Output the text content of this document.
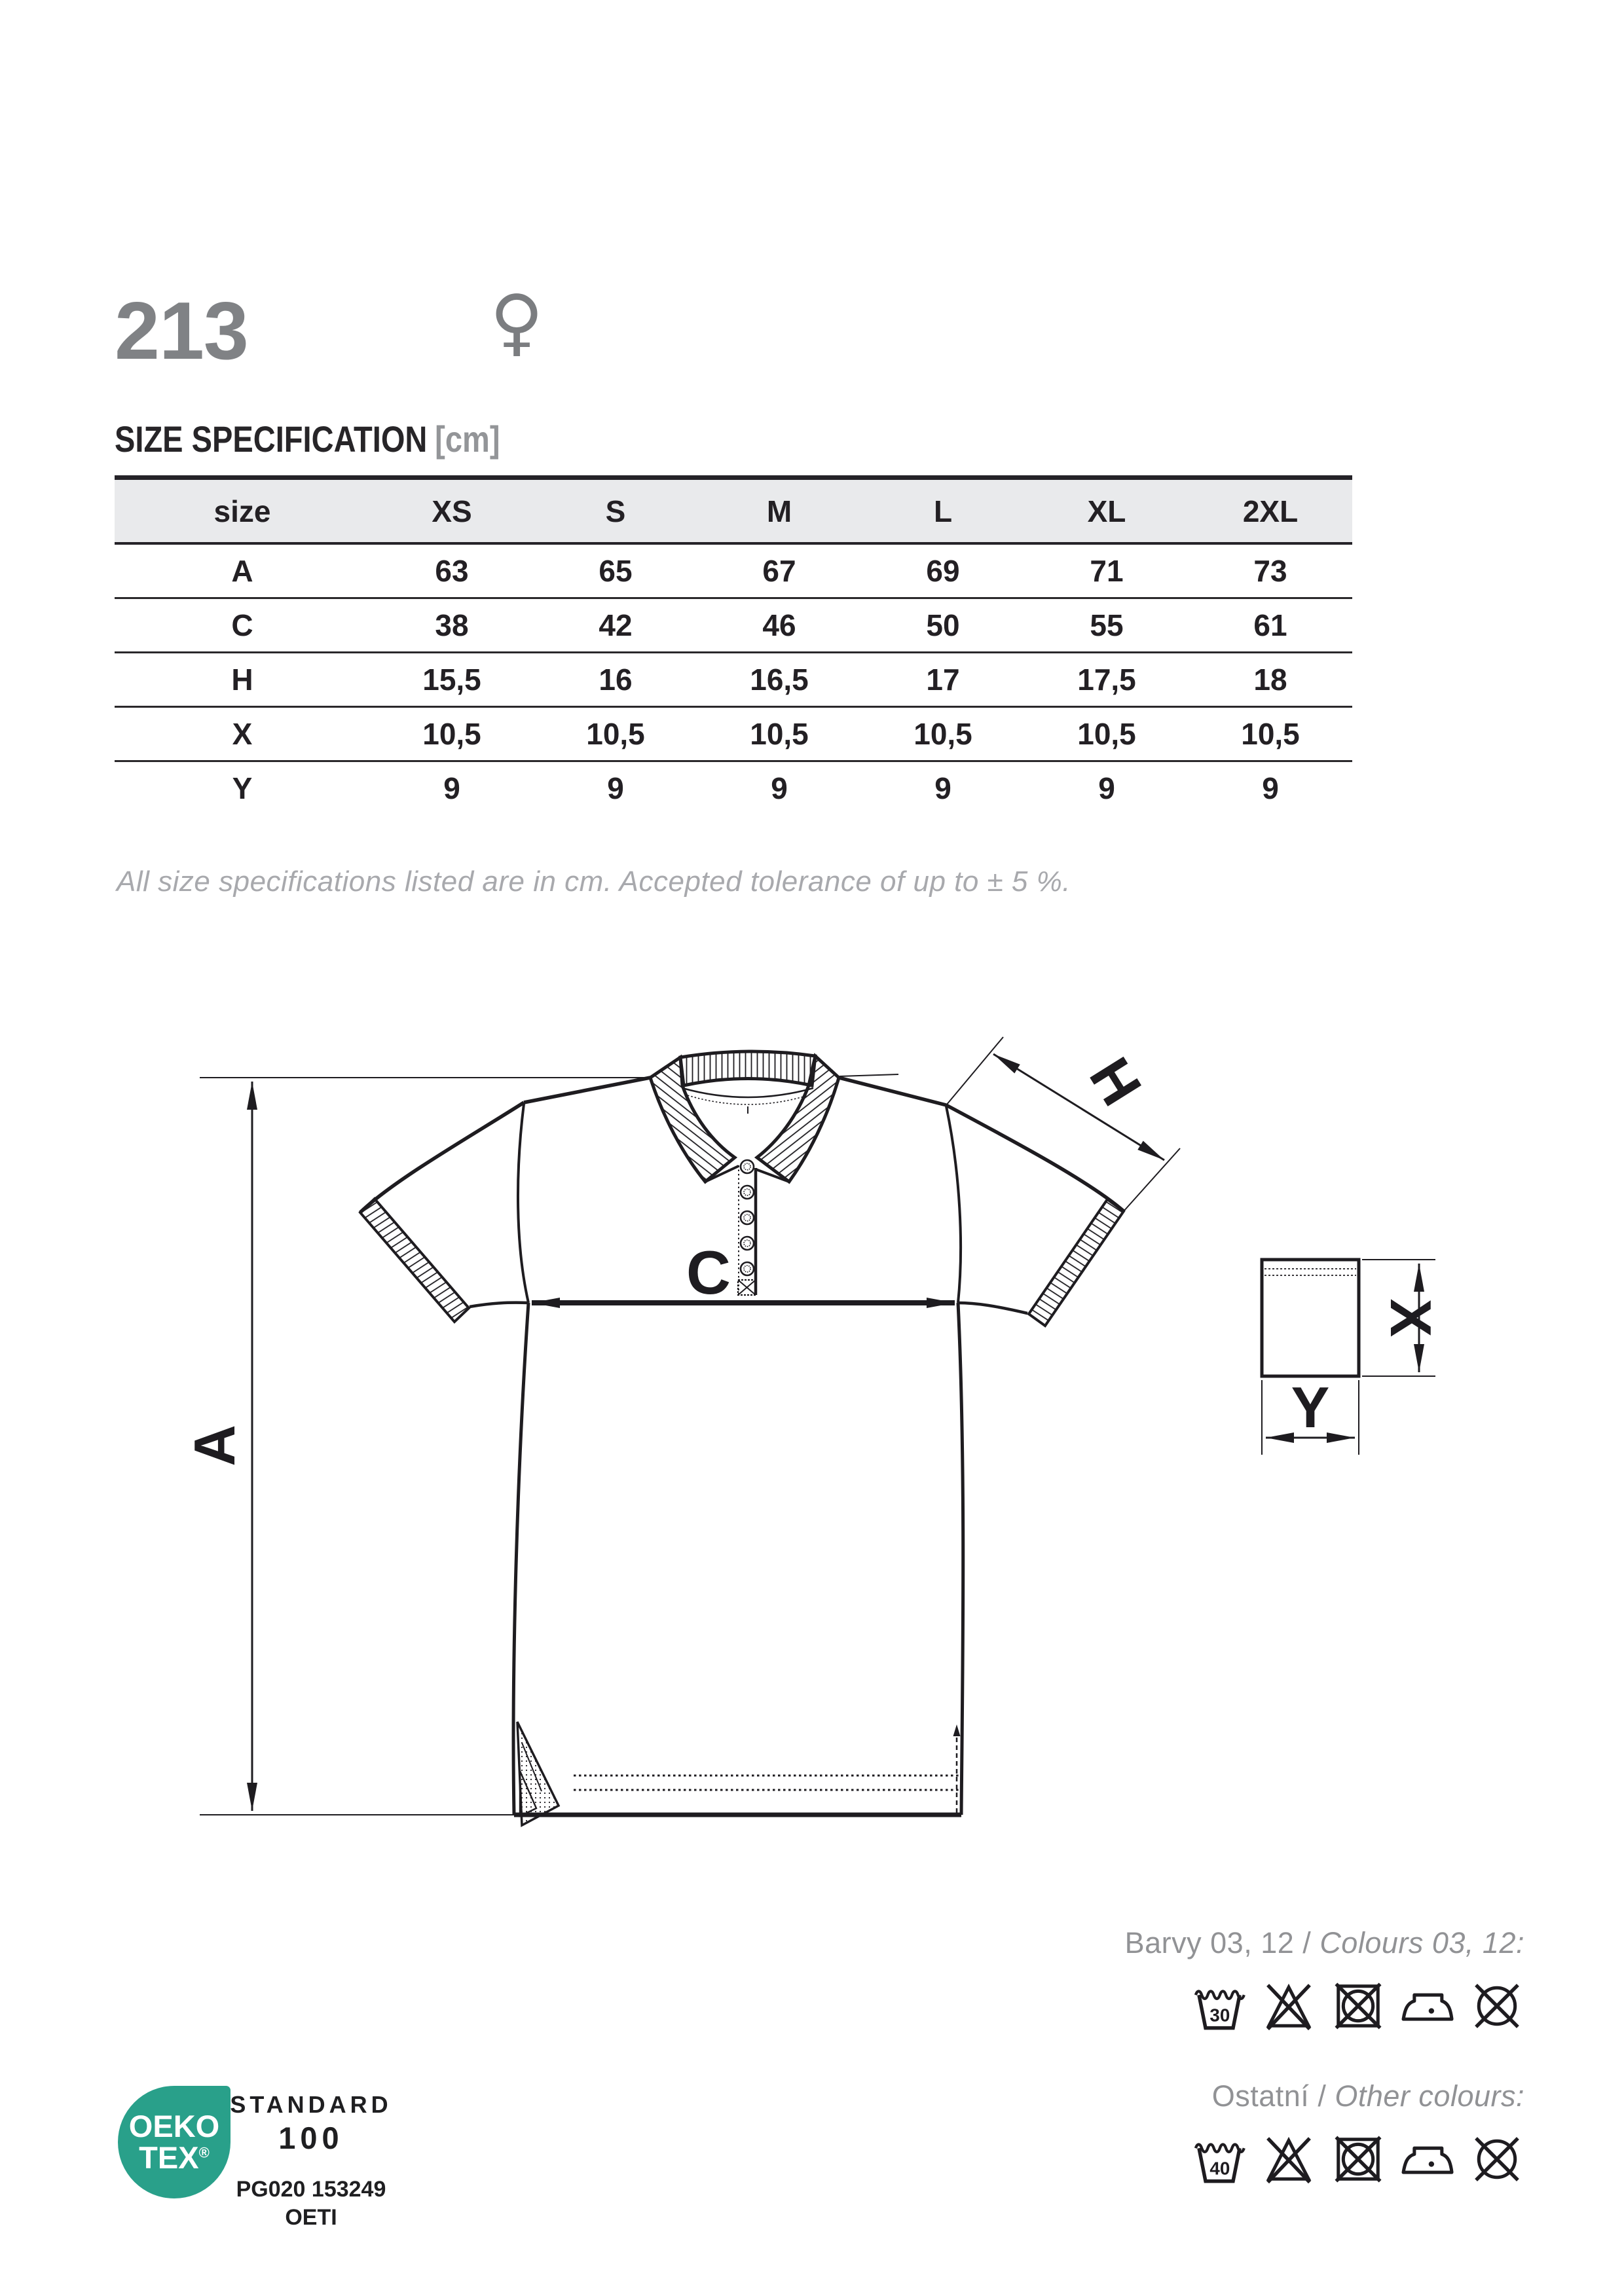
213	♀
SIZE SPECIFICATION [cm]
size	XS	S	M	L	XL	2XL
A	63	65	67	69	71	73
C	38	42	46	50	55	61
H	15,5	16	16,5	17	17,5	18
X	10,5	10,5	10,5	10,5	10,5	10,5
Y	9	9	9	9	9	9
All size specifications listed are in cm. Accepted tolerance of up to ± 5 %.
A
C
H
X
Y
Barvy 03, 12 / Colours 03, 12:
30
Ostatní / Other colours:
40
OEKO
TEX®
STANDARD
100
PG020 153249
OETI
